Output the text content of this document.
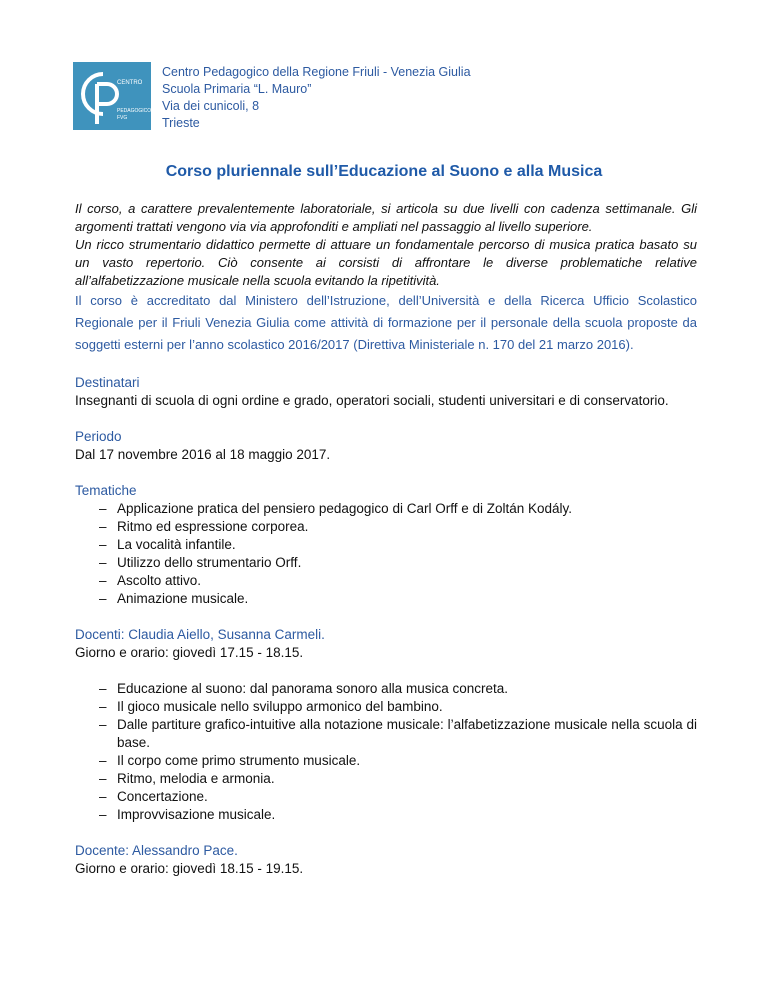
CENTRO
PEDAGOGICO
FVG
Centro Pedagogico della Regione Friuli - Venezia Giulia
Scuola Primaria “L. Mauro”
Via dei cunicoli, 8
Trieste
Corso pluriennale sull’Educazione al Suono e alla Musica
Il corso, a carattere prevalentemente laboratoriale, si articola su due livelli con cadenza settimanale. Gli argomenti trattati vengono via via approfonditi e ampliati nel passaggio al livello superiore.
Un ricco strumentario didattico permette di attuare un fondamentale percorso di musica pratica basato su un vasto repertorio. Ciò consente ai corsisti di affrontare le diverse problematiche relative all’alfabetizzazione musicale nella scuola evitando la ripetitività.
Il corso è accreditato dal Ministero dell’Istruzione, dell’Università e della Ricerca Ufficio Scolastico Regionale per il Friuli Venezia Giulia come attività di formazione per il personale della scuola proposte da soggetti esterni per l’anno scolastico 2016/2017 (Direttiva Ministeriale n. 170 del 21 marzo 2016).
Destinatari
Insegnanti di scuola di ogni ordine e grado, operatori sociali, studenti universitari e di conservatorio.
Periodo
Dal 17 novembre 2016 al 18 maggio 2017.
Tematiche
– Applicazione pratica del pensiero pedagogico di Carl Orff e di Zoltán Kodály.
– Ritmo ed espressione corporea.
– La vocalità infantile.
– Utilizzo dello strumentario Orff.
– Ascolto attivo.
– Animazione musicale.
Docenti: Claudia Aiello, Susanna Carmeli.
Giorno e orario: giovedì 17.15 - 18.15.
– Educazione al suono: dal panorama sonoro alla musica concreta.
– Il gioco musicale nello sviluppo armonico del bambino.
– Dalle partiture grafico-intuitive alla notazione musicale: l’alfabetizzazione musicale nella scuola di base.
– Il corpo come primo strumento musicale.
– Ritmo, melodia e armonia.
– Concertazione.
– Improvvisazione musicale.
Docente: Alessandro Pace.
Giorno e orario: giovedì 18.15 - 19.15.
